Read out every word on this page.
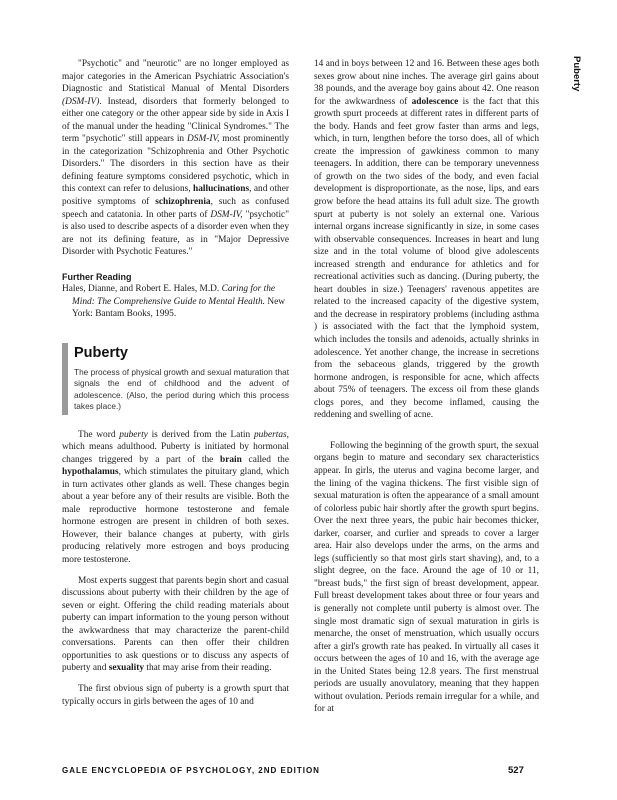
Puberty

"Psychotic" and "neurotic" are no longer employed as major categories in the American Psychiatric Association's Diagnostic and Statistical Manual of Mental Disorders (DSM-IV). Instead, disorders that formerly belonged to either one category or the other appear side by side in Axis I of the manual under the heading "Clinical Syndromes." The term "psychotic" still appears in DSM-IV, most prominently in the categorization "Schizophrenia and Other Psychotic Disorders." The disorders in this section have as their defining feature symptoms considered psychotic, which in this context can refer to delusions, hallucinations, and other positive symptoms of schizophrenia, such as confused speech and catatonia. In other parts of DSM-IV, "psychotic" is also used to describe aspects of a disorder even when they are not its defining feature, as in "Major Depressive Disorder with Psychotic Features."

Further Reading

Hales, Dianne, and Robert E. Hales, M.D. Caring for the Mind: The Comprehensive Guide to Mental Health. New York: Bantam Books, 1995.

Puberty
The process of physical growth and sexual maturation that signals the end of childhood and the advent of adolescence. (Also, the period during which this process takes place.)

The word puberty is derived from the Latin pubertas, which means adulthood. Puberty is initiated by hormonal changes triggered by a part of the brain called the hypothalamus, which stimulates the pituitary gland, which in turn activates other glands as well. These changes begin about a year before any of their results are visible. Both the male reproductive hormone testosterone and female hormone estrogen are present in children of both sexes. However, their balance changes at puberty, with girls producing relatively more estrogen and boys producing more testosterone.

Most experts suggest that parents begin short and casual discussions about puberty with their children by the age of seven or eight. Offering the child reading materials about puberty can impart information to the young person without the awkwardness that may characterize the parent-child conversations. Parents can then offer their children opportunities to ask questions or to discuss any aspects of puberty and sexuality that may arise from their reading.

The first obvious sign of puberty is a growth spurt that typically occurs in girls between the ages of 10 and

14 and in boys between 12 and 16. Between these ages both sexes grow about nine inches. The average girl gains about 38 pounds, and the average boy gains about 42. One reason for the awkwardness of adolescence is the fact that this growth spurt proceeds at different rates in different parts of the body. Hands and feet grow faster than arms and legs, which, in turn, lengthen before the torso does, all of which create the impression of gawkiness common to many teenagers. In addition, there can be temporary unevenness of growth on the two sides of the body, and even facial development is disproportionate, as the nose, lips, and ears grow before the head attains its full adult size. The growth spurt at puberty is not solely an external one. Various internal organs increase significantly in size, in some cases with observable consequences. Increases in heart and lung size and in the total volume of blood give adolescents increased strength and endurance for athletics and for recreational activities such as dancing. (During puberty, the heart doubles in size.) Teenagers' ravenous appetites are related to the increased capacity of the digestive system, and the decrease in respiratory problems (including asthma ) is associated with the fact that the lymphoid system, which includes the tonsils and adenoids, actually shrinks in adolescence. Yet another change, the increase in secretions from the sebaceous glands, triggered by the growth hormone androgen, is responsible for acne, which affects about 75% of teenagers. The excess oil from these glands clogs pores, and they become inflamed, causing the reddening and swelling of acne.

Following the beginning of the growth spurt, the sexual organs begin to mature and secondary sex characteristics appear. In girls, the uterus and vagina become larger, and the lining of the vagina thickens. The first visible sign of sexual maturation is often the appearance of a small amount of colorless pubic hair shortly after the growth spurt begins. Over the next three years, the pubic hair becomes thicker, darker, coarser, and curlier and spreads to cover a larger area. Hair also develops under the arms, on the arms and legs (sufficiently so that most girls start shaving), and, to a slight degree, on the face. Around the age of 10 or 11, "breast buds," the first sign of breast development, appear. Full breast development takes about three or four years and is generally not complete until puberty is almost over. The single most dramatic sign of sexual maturation in girls is menarche, the onset of menstruation, which usually occurs after a girl's growth rate has peaked. In virtually all cases it occurs between the ages of 10 and 16, with the average age in the United States being 12.8 years. The first menstrual periods are usually anovulatory, meaning that they happen without ovulation. Periods remain irregular for a while, and for at

GALE ENCYCLOPEDIA OF PSYCHOLOGY, 2ND EDITION	527
